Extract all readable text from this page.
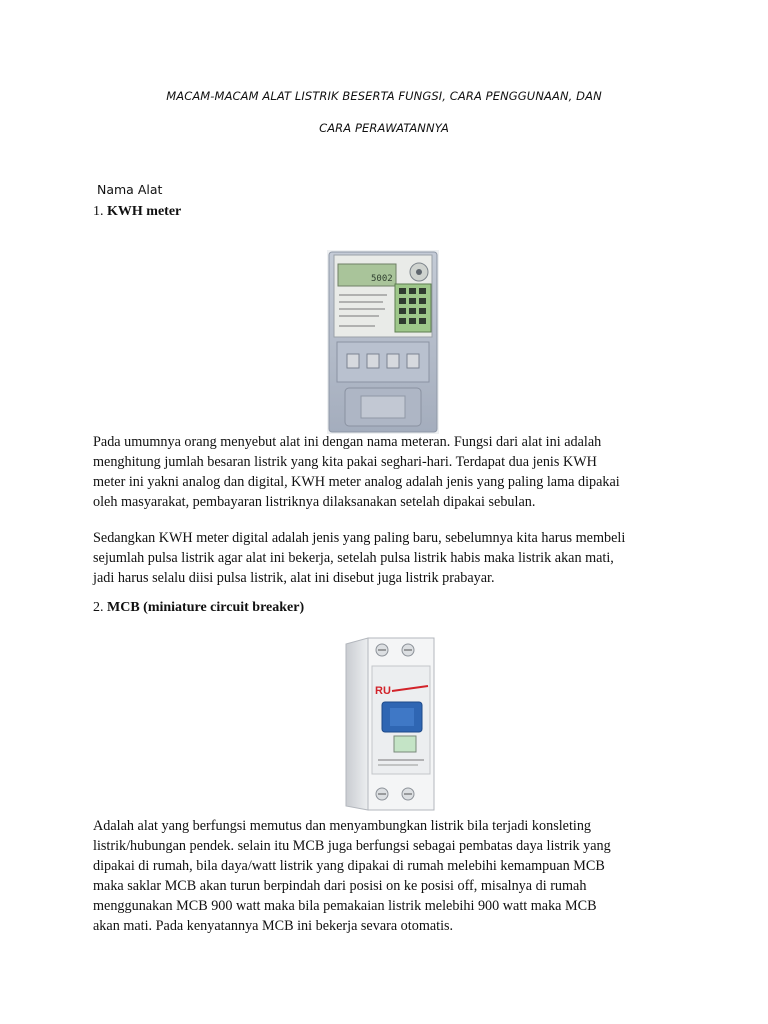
MACAM-MACAM ALAT LISTRIK BESERTA FUNGSI, CARA PENGGUNAAN, DAN
CARA PERAWATANNYA
Nama Alat
1. KWH meter
5002
Pada umumnya orang menyebut alat ini dengan nama meteran. Fungsi dari alat ini adalah
menghitung jumlah besaran listrik yang kita pakai seghari-hari. Terdapat dua jenis KWH
meter ini yakni analog dan digital, KWH meter analog adalah jenis yang paling lama dipakai
oleh masyarakat, pembayaran listriknya dilaksanakan setelah dipakai sebulan.
Sedangkan KWH meter digital adalah jenis yang paling baru, sebelumnya kita harus membeli
sejumlah pulsa listrik agar alat ini bekerja, setelah pulsa listrik habis maka listrik akan mati,
jadi harus selalu diisi pulsa listrik, alat ini disebut juga listrik prabayar.
2. MCB (miniature circuit breaker)
RU
Adalah alat yang berfungsi memutus dan menyambungkan listrik bila terjadi konsleting
listrik/hubungan pendek. selain itu MCB juga berfungsi sebagai pembatas daya listrik yang
dipakai di rumah, bila daya/watt listrik yang dipakai di rumah melebihi kemampuan MCB
maka saklar MCB akan turun berpindah dari posisi on ke posisi off, misalnya di rumah
menggunakan MCB 900 watt maka bila pemakaian listrik melebihi 900 watt maka MCB
akan mati. Pada kenyatannya MCB ini bekerja sevara otomatis.
